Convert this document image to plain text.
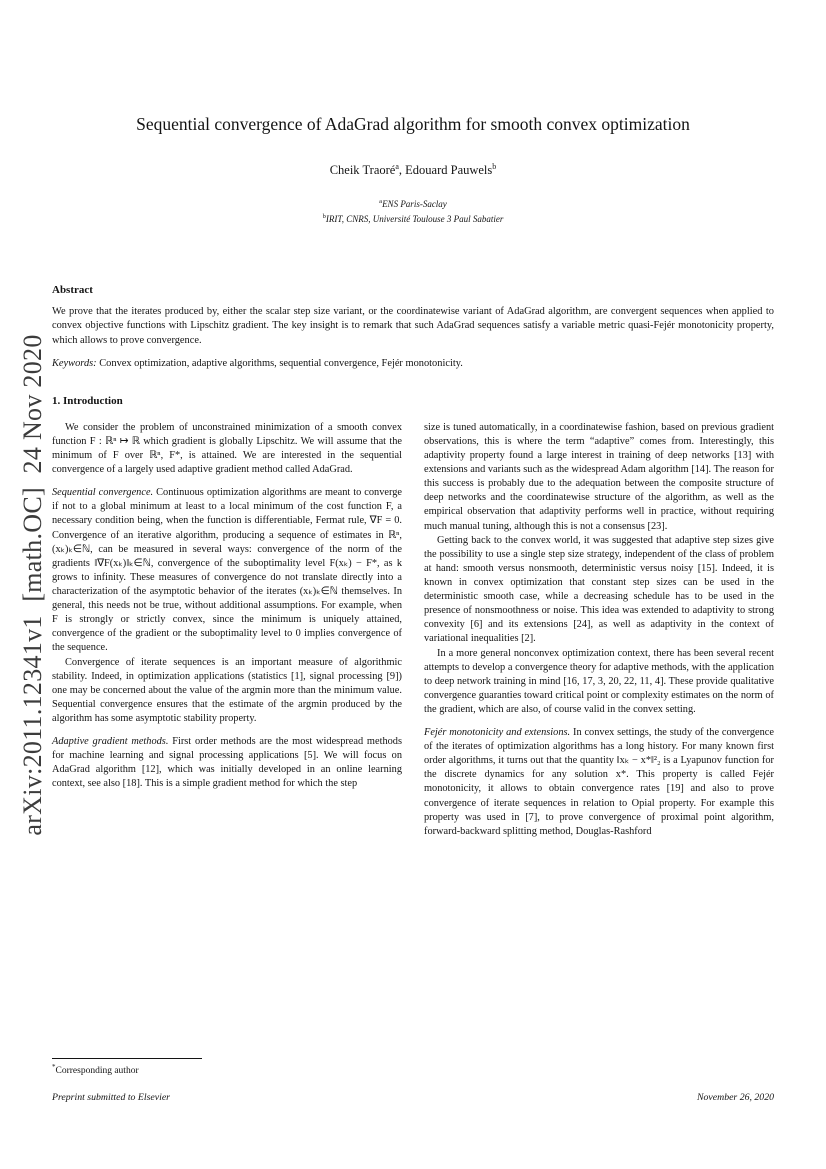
arXiv:2011.12341v1  [math.OC]  24 Nov 2020
Sequential convergence of AdaGrad algorithm for smooth convex optimization
Cheik Traoré$^a$, Edouard Pauwels$^b$
$^a$ENS Paris-Saclay
$^b$IRIT, CNRS, Université Toulouse 3 Paul Sabatier
Abstract

We prove that the iterates produced by, either the scalar step size variant, or the coordinatewise variant of AdaGrad algorithm, are convergent sequences when applied to convex objective functions with Lipschitz gradient. The key insight is to remark that such AdaGrad sequences satisfy a variable metric quasi-Fejér monotonicity property, which allows to prove convergence.

Keywords: Convex optimization, adaptive algorithms, sequential convergence, Fejér monotonicity.

1. Introduction

We consider the problem of unconstrained minimization of a smooth convex function F : ℝⁿ ↦ ℝ which gradient is globally Lipschitz. We will assume that the minimum of F over ℝⁿ, F*, is attained. We are interested in the sequential convergence of a largely used adaptive gradient method called AdaGrad.

Sequential convergence. Continuous optimization algorithms are meant to converge if not to a global minimum at least to a local minimum of the cost function F, a necessary condition being, when the function is differentiable, Fermat rule, ∇F = 0. Convergence of an iterative algorithm, producing a sequence of estimates in ℝⁿ, (xₖ)ₖ∈ℕ, can be measured in several ways: convergence of the norm of the gradients ‖∇F(xₖ)‖ₖ∈ℕ, convergence of the suboptimality level F(xₖ) − F*, as k grows to infinity. These measures of convergence do not translate directly into a characterization of the asymptotic behavior of the iterates (xₖ)ₖ∈ℕ themselves. In general, this needs not be true, without additional assumptions. For example, when F is strongly or strictly convex, since the minimum is uniquely attained, convergence of the gradient or the suboptimality level to 0 implies convergence of the sequence.

Convergence of iterate sequences is an important measure of algorithmic stability. Indeed, in optimization applications (statistics [1], signal processing [9]) one may be concerned about the value of the argmin more than the minimum value. Sequential convergence ensures that the estimate of the argmin produced by the algorithm has some asymptotic stability property.

Adaptive gradient methods. First order methods are the most widespread methods for machine learning and signal processing applications [5]. We will focus on AdaGrad algorithm [12], which was initially developed in an online learning context, see also [18]. This is a simple gradient method for which the step

size is tuned automatically, in a coordinatewise fashion, based on previous gradient observations, this is where the term “adaptive” comes from. Interestingly, this adaptivity property found a large interest in training of deep networks [13] with extensions and variants such as the widespread Adam algorithm [14]. The reason for this success is probably due to the adequation between the composite structure of deep networks and the coordinatewise structure of the algorithm, as well as the empirical observation that adaptivity performs well in practice, without requiring much manual tuning, although this is not a consensus [23].

Getting back to the convex world, it was suggested that adaptive step sizes give the possibility to use a single step size strategy, independent of the class of problem at hand: smooth versus nonsmooth, deterministic versus noisy [15]. Indeed, it is known in convex optimization that constant step sizes can be used in the deterministic smooth case, while a decreasing schedule has to be used in the presence of nonsmoothness or noise. This idea was extended to adaptivity to strong convexity [6] and its extensions [24], as well as adaptivity in the context of variational inequalities [2].

In a more general nonconvex optimization context, there has been several recent attempts to develop a convergence theory for adaptive methods, with the application to deep network training in mind [16, 17, 3, 20, 22, 11, 4]. These provide qualitative convergence guaranties toward critical point or complexity estimates on the norm of the gradient, which are also, of course valid in the convex setting.

Fejér monotonicity and extensions. In convex settings, the study of the convergence of the iterates of optimization algorithms has a long history. For many known first order algorithms, it turns out that the quantity ‖xₖ − x*‖²₂ is a Lyapunov function for the discrete dynamics for any solution x*. This property is called Fejér monotonicity, it allows to obtain convergence rates [19] and also to prove convergence of iterate sequences in relation to Opial property. For example this property was used in [7], to prove convergence of proximal point algorithm, forward-backward splitting method, Douglas-Rashford

*Corresponding author
Preprint submitted to Elsevier	November 26, 2020
